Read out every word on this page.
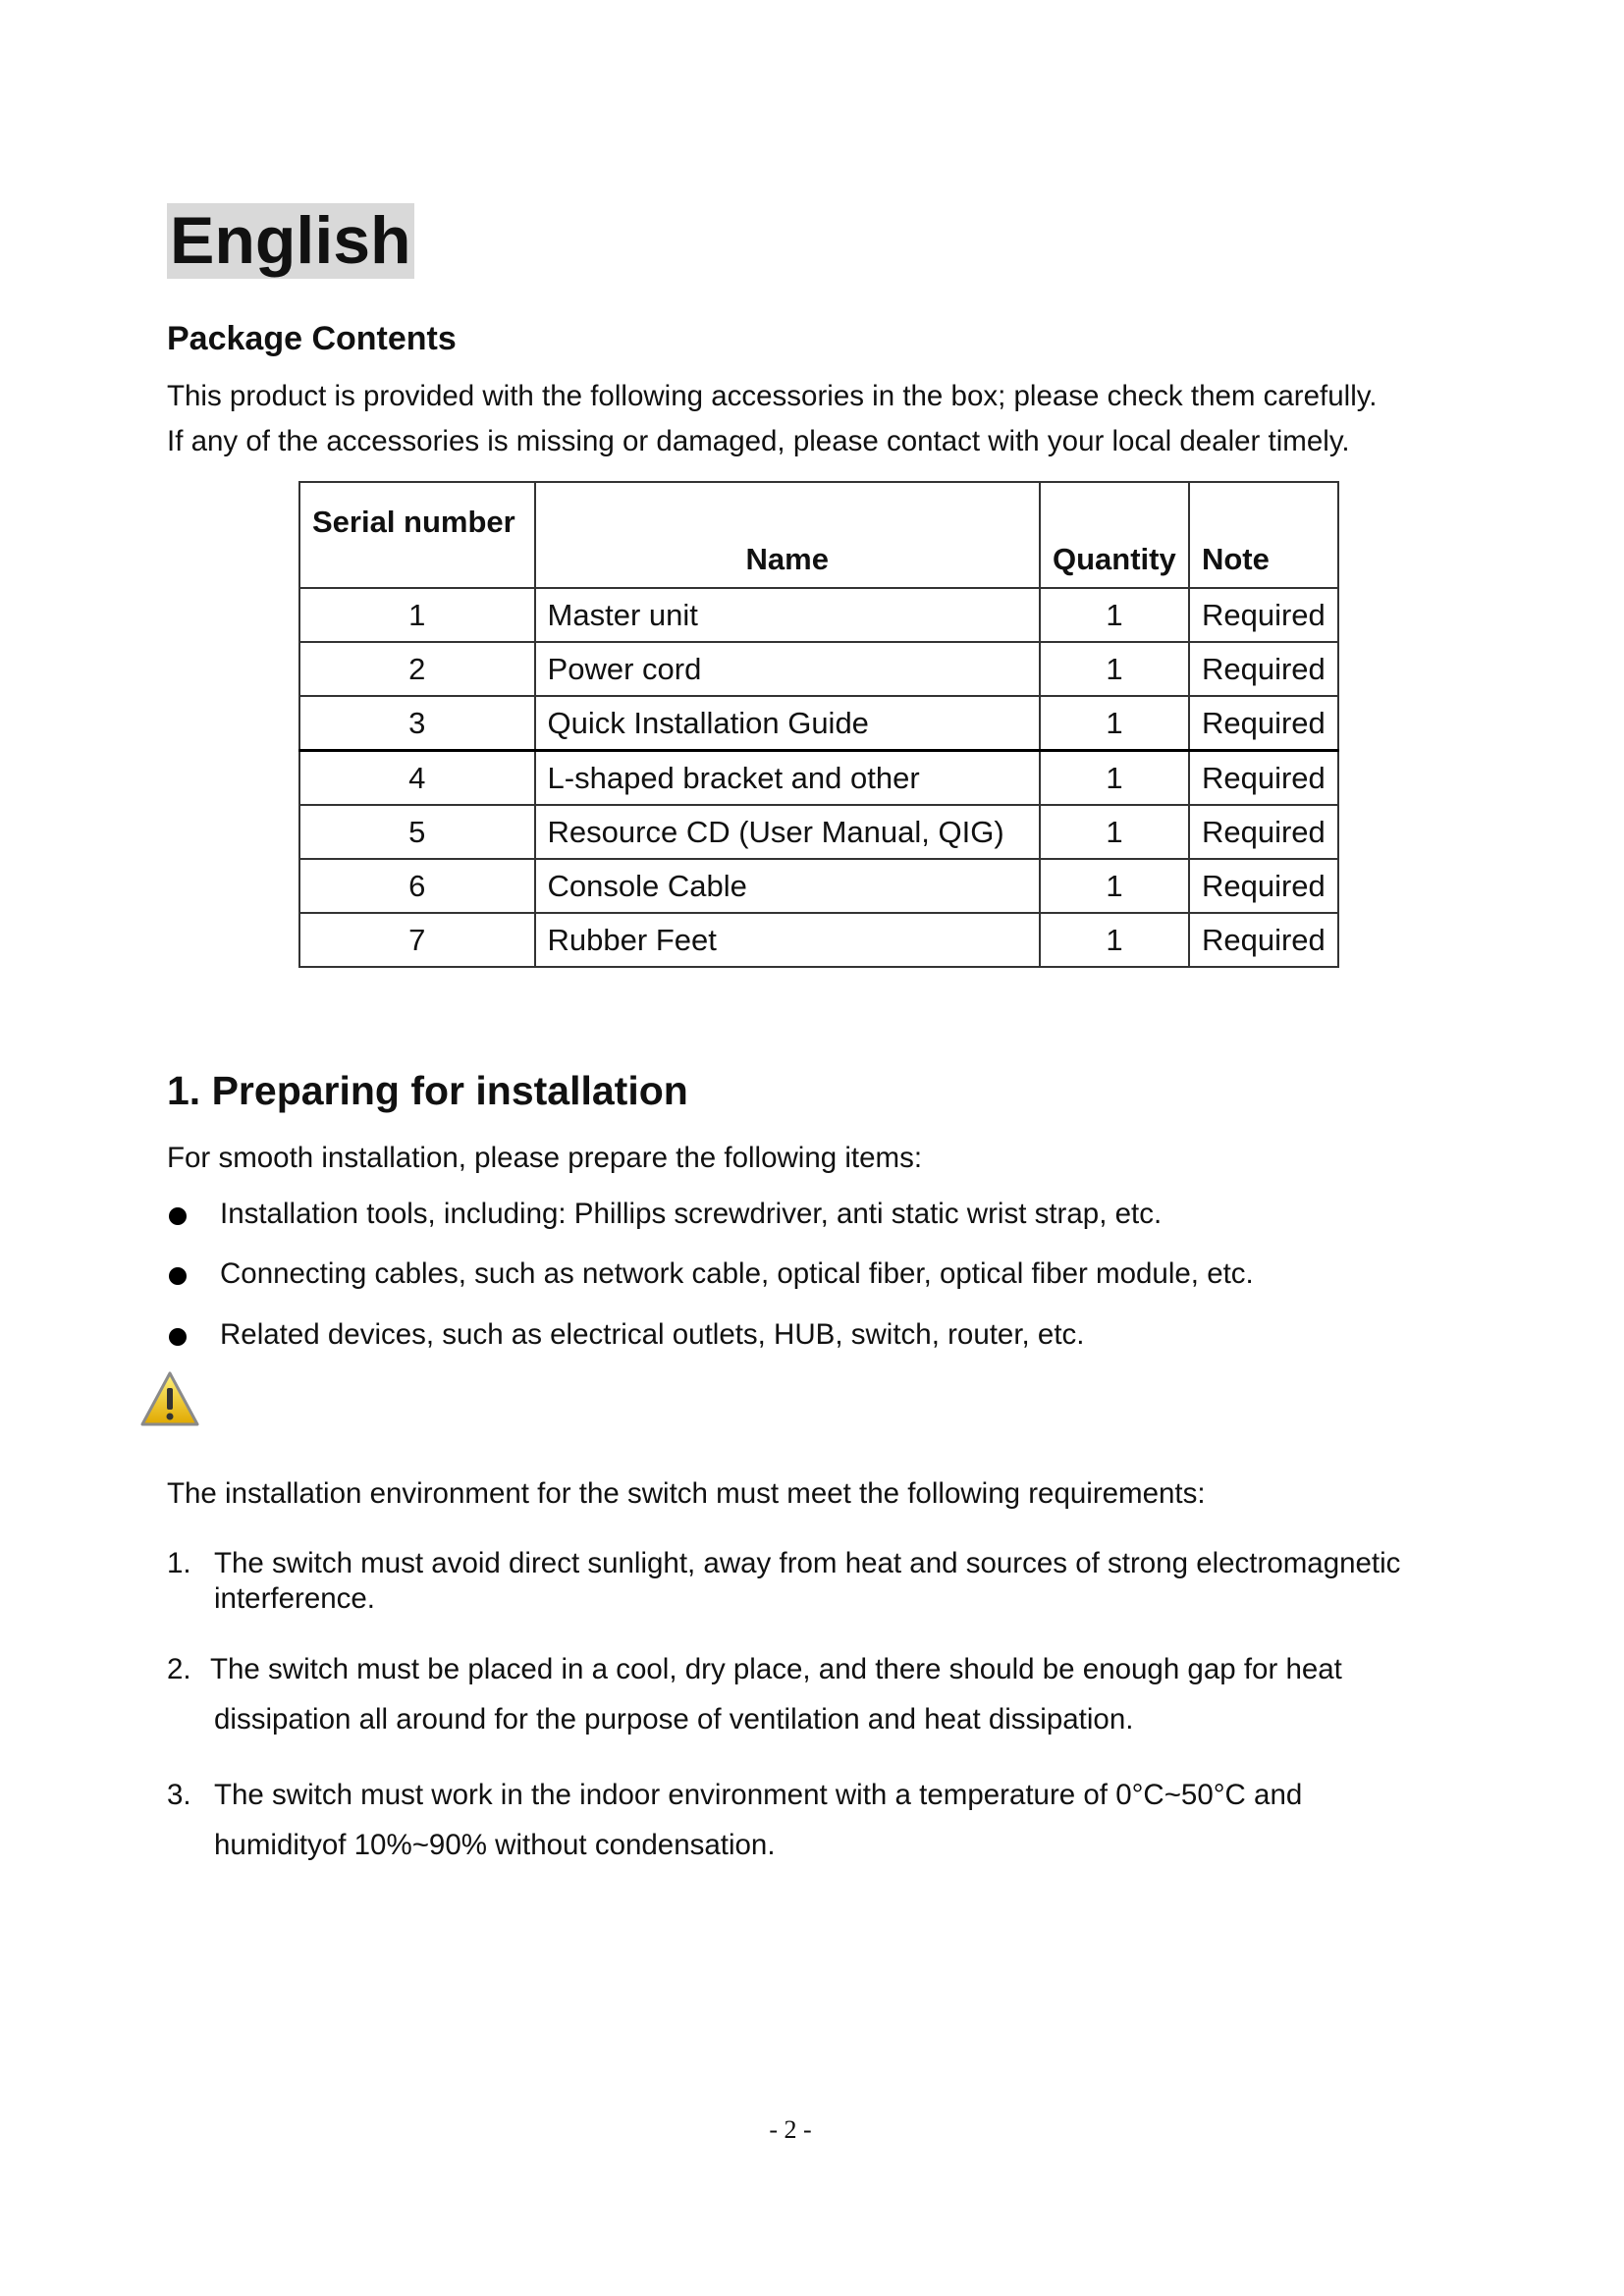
English
Package Contents
This product is provided with the following accessories in the box; please check them carefully.
If any of the accessories is missing or damaged, please contact with your local dealer timely.
Serial number	Name	Quantity	Note
1	Master unit	1	Required
2	Power cord	1	Required
3	Quick Installation Guide	1	Required
4	L-shaped bracket and other	1	Required
5	Resource CD (User Manual, QIG)	1	Required
6	Console Cable	1	Required
7	Rubber Feet	1	Required
1. Preparing for installation
For smooth installation, please prepare the following items:
Installation tools, including: Phillips screwdriver, anti static wrist strap, etc.
Connecting cables, such as network cable, optical fiber, optical fiber module, etc.
Related devices, such as electrical outlets, HUB, switch, router, etc.
The installation environment for the switch must meet the following requirements:
1. The switch must avoid direct sunlight, away from heat and sources of strong electromagnetic
interference.
2. The switch must be placed in a cool, dry place, and there should be enough gap for heat
dissipation all around for the purpose of ventilation and heat dissipation.
3. The switch must work in the indoor environment with a temperature of 0°C~50°C and
humidityof 10%~90% without condensation.
- 2 -
